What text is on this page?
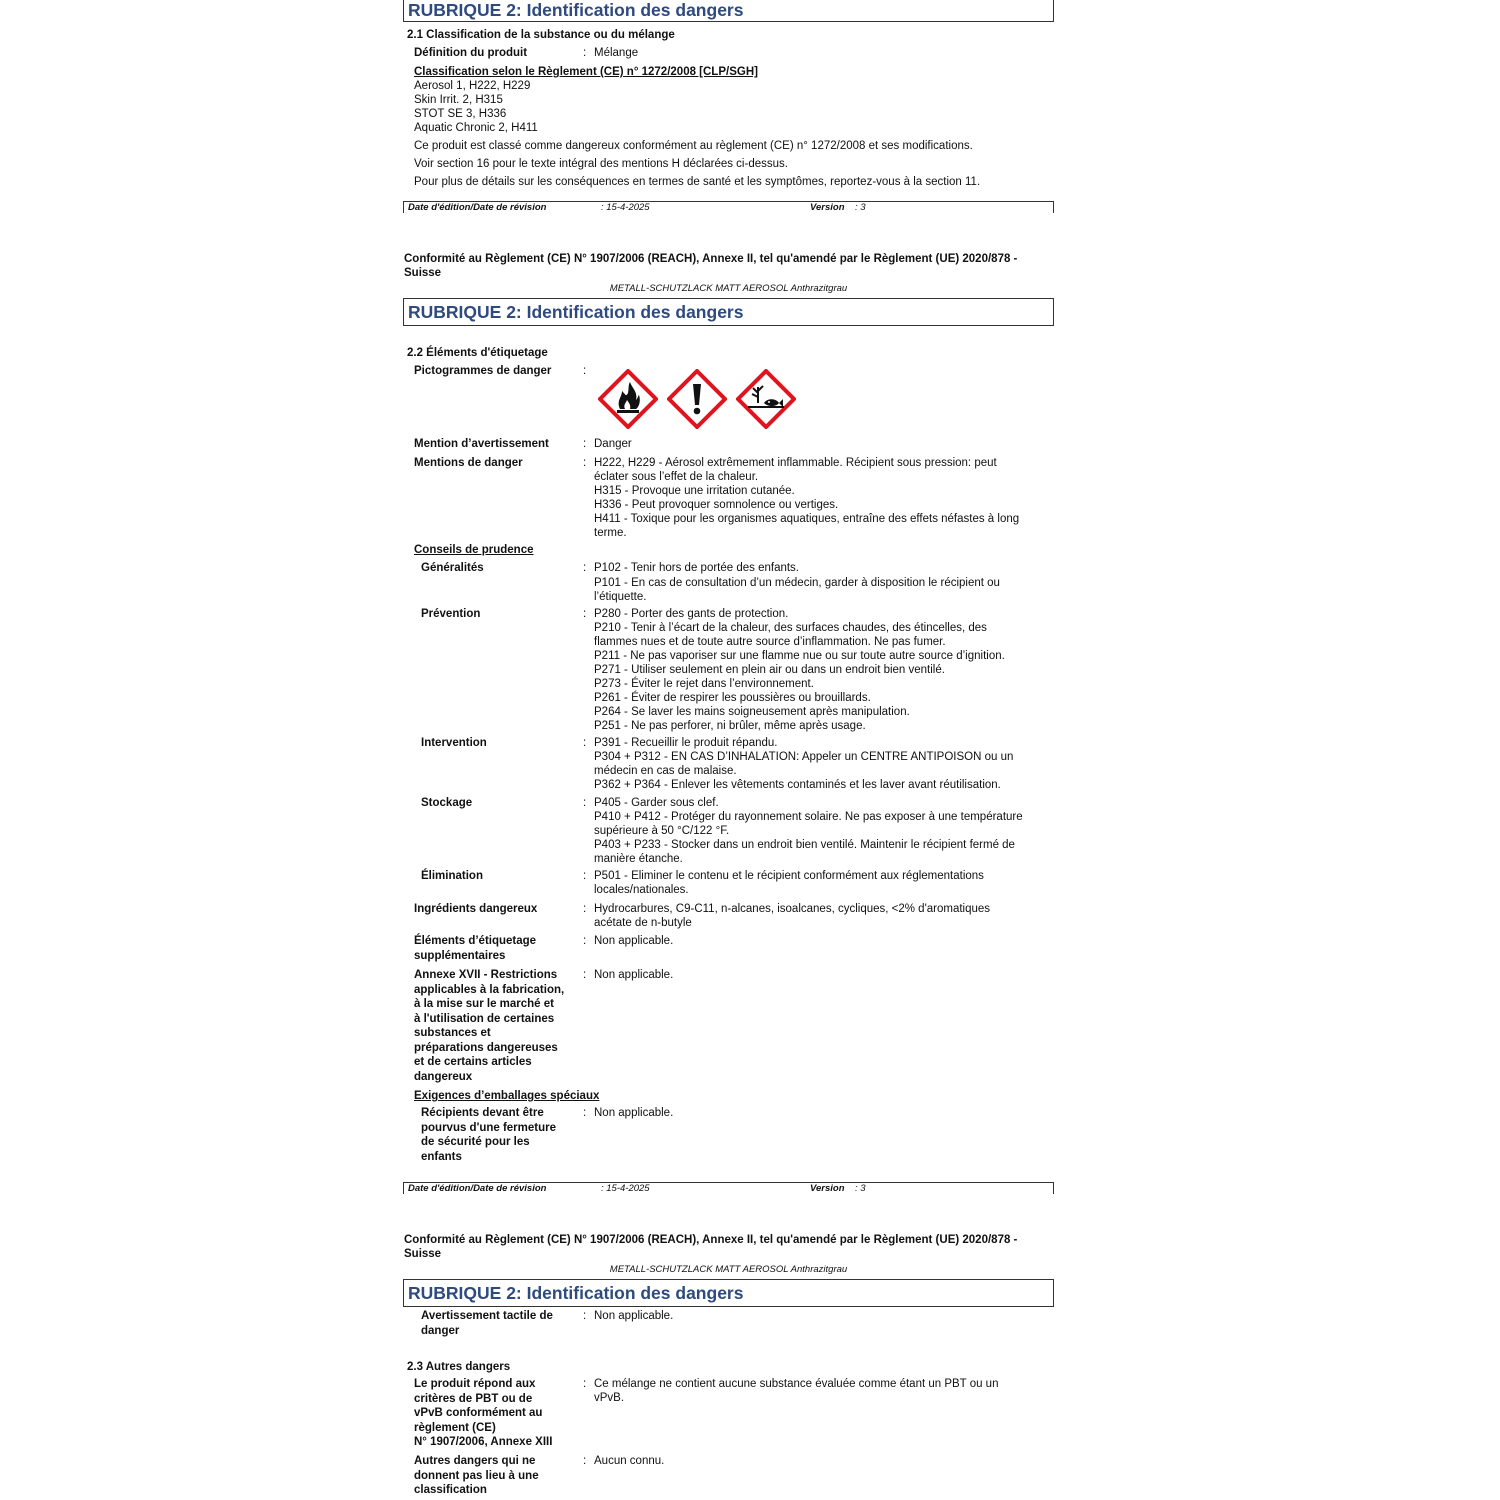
RUBRIQUE 2: Identification des dangers
2.1 Classification de la substance ou du mélange
Définition du produit	: Mélange
Classification selon le Règlement (CE) n° 1272/2008 [CLP/SGH]
Aerosol 1, H222, H229
Skin Irrit. 2, H315
STOT SE 3, H336
Aquatic Chronic 2, H411
Ce produit est classé comme dangereux conformément au règlement (CE) n° 1272/2008 et ses modifications.
Voir section 16 pour le texte intégral des mentions H déclarées ci-dessus.
Pour plus de détails sur les conséquences en termes de santé et les symptômes, reportez-vous à la section 11.
Date d'édition/Date de révision	: 15-4-2025	Version : 3
Conformité au Règlement (CE) N° 1907/2006 (REACH), Annexe II, tel qu'amendé par le Règlement (UE) 2020/878 -
Suisse
METALL-SCHUTZLACK MATT AEROSOL Anthrazitgrau
RUBRIQUE 2: Identification des dangers
2.2 Éléments d'étiquetage
Pictogrammes de danger	:
Mention d’avertissement	: Danger
Mentions de danger	: H222, H229 - Aérosol extrêmement inflammable. Récipient sous pression: peut
éclater sous l’effet de la chaleur.
H315 - Provoque une irritation cutanée.
H336 - Peut provoquer somnolence ou vertiges.
H411 - Toxique pour les organismes aquatiques, entraîne des effets néfastes à long
terme.
Conseils de prudence
Généralités	: P102 - Tenir hors de portée des enfants.
P101 - En cas de consultation d’un médecin, garder à disposition le récipient ou
l’étiquette.
Prévention	: P280 - Porter des gants de protection.
P210 - Tenir à l’écart de la chaleur, des surfaces chaudes, des étincelles, des
flammes nues et de toute autre source d’inflammation. Ne pas fumer.
P211 - Ne pas vaporiser sur une flamme nue ou sur toute autre source d’ignition.
P271 - Utiliser seulement en plein air ou dans un endroit bien ventilé.
P273 - Éviter le rejet dans l’environnement.
P261 - Éviter de respirer les poussières ou brouillards.
P264 - Se laver les mains soigneusement après manipulation.
P251 - Ne pas perforer, ni brûler, même après usage.
Intervention	: P391 - Recueillir le produit répandu.
P304 + P312 - EN CAS D’INHALATION: Appeler un CENTRE ANTIPOISON ou un
médecin en cas de malaise.
P362 + P364 - Enlever les vêtements contaminés et les laver avant réutilisation.
Stockage	: P405 - Garder sous clef.
P410 + P412 - Protéger du rayonnement solaire. Ne pas exposer à une température
supérieure à 50 °C/122 °F.
P403 + P233 - Stocker dans un endroit bien ventilé. Maintenir le récipient fermé de
manière étanche.
Élimination	: P501 - Eliminer le contenu et le récipient conformément aux réglementations
locales/nationales.
Ingrédients dangereux	: Hydrocarbures, C9-C11, n-alcanes, isoalcanes, cycliques, <2% d'aromatiques
acétate de n-butyle
Éléments d’étiquetage
supplémentaires
: Non applicable.
Annexe XVII - Restrictions
applicables à la fabrication,
à la mise sur le marché et
à l'utilisation de certaines
substances et
préparations dangereuses
et de certains articles
dangereux
: Non applicable.
Exigences d’emballages spéciaux
Récipients devant être
pourvus d'une fermeture
de sécurité pour les
enfants
: Non applicable.
Date d'édition/Date de révision	: 15-4-2025	Version : 3
Conformité au Règlement (CE) N° 1907/2006 (REACH), Annexe II, tel qu'amendé par le Règlement (UE) 2020/878 -
Suisse
METALL-SCHUTZLACK MATT AEROSOL Anthrazitgrau
RUBRIQUE 2: Identification des dangers
Avertissement tactile de
danger
: Non applicable.
2.3 Autres dangers
Le produit répond aux
critères de PBT ou de
vPvB conformément au
règlement (CE)
N° 1907/2006, Annexe XIII
: Ce mélange ne contient aucune substance évaluée comme étant un PBT ou un
vPvB.
Autres dangers qui ne
donnent pas lieu à une
classification
: Aucun connu.
